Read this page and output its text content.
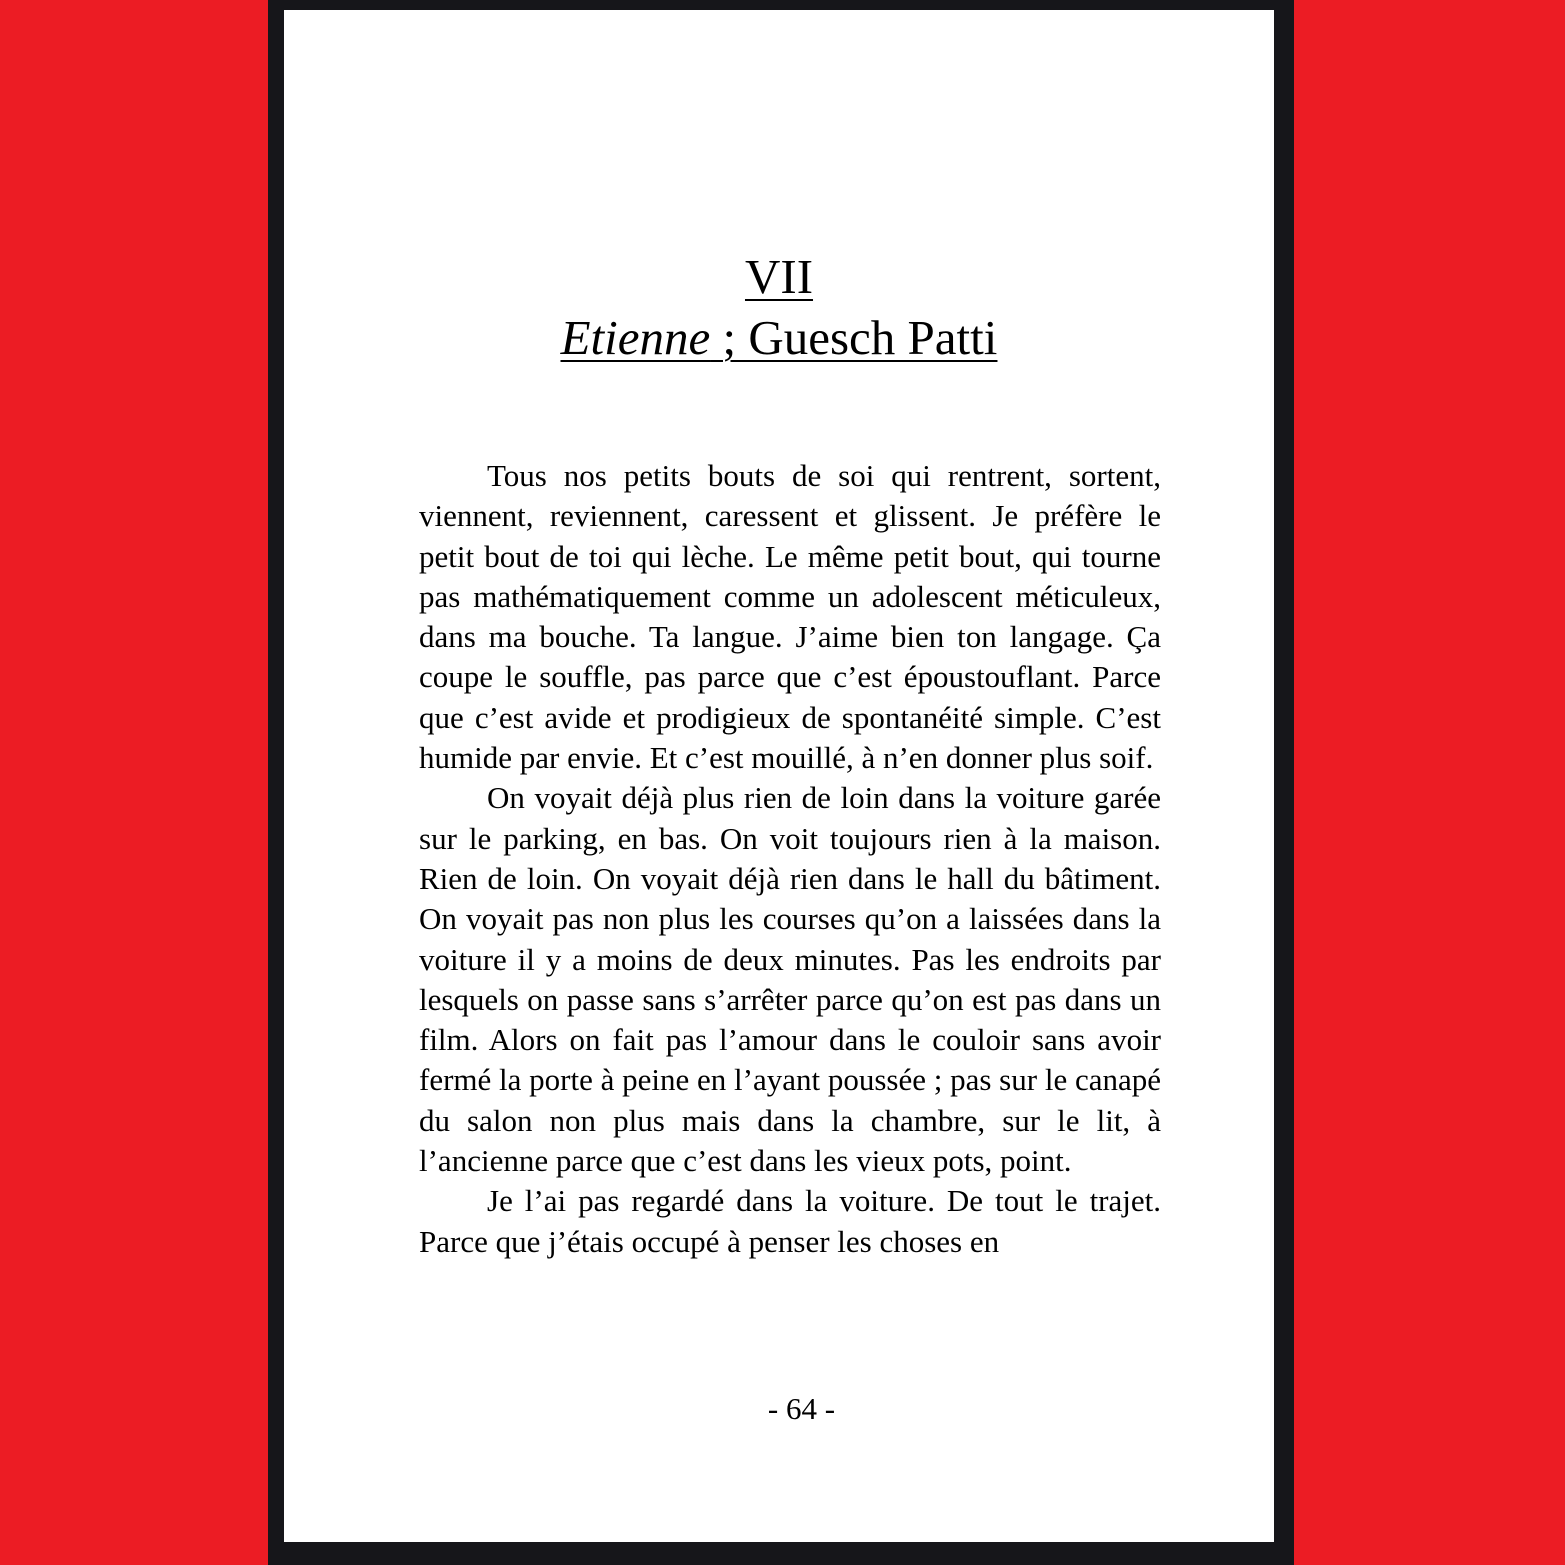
VII
Etienne ; Guesch Patti

Tous nos petits bouts de soi qui rentrent, sortent, viennent, reviennent, caressent et glissent. Je préfère le petit bout de toi qui lèche. Le même petit bout, qui tourne pas mathématiquement comme un adolescent méticuleux, dans ma bouche. Ta langue. J’aime bien ton langage. Ça coupe le souffle, pas parce que c’est époustouflant. Parce que c’est avide et prodigieux de spontanéité simple. C’est humide par envie. Et c’est mouillé, à n’en donner plus soif.

On voyait déjà plus rien de loin dans la voiture garée sur le parking, en bas. On voit toujours rien à la maison. Rien de loin. On voyait déjà rien dans le hall du bâtiment. On voyait pas non plus les courses qu’on a laissées dans la voiture il y a moins de deux minutes. Pas les endroits par lesquels on passe sans s’arrêter parce qu’on est pas dans un film. Alors on fait pas l’amour dans le couloir sans avoir fermé la porte à peine en l’ayant poussée ; pas sur le canapé du salon non plus mais dans la chambre, sur le lit, à l’ancienne parce que c’est dans les vieux pots, point.

Je l’ai pas regardé dans la voiture. De tout le trajet. Parce que j’étais occupé à penser les choses en

- 64 -
